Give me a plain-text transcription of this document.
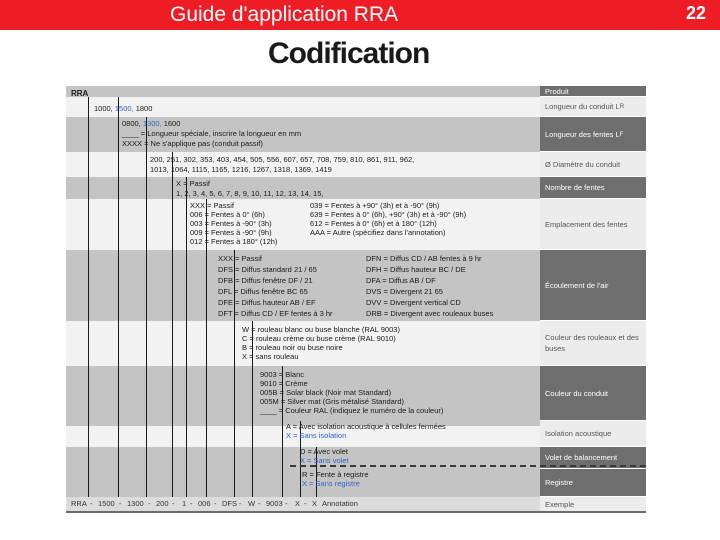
Guide d'application RRA	22
Codification
RRA
1000, 1500, 1800
0800, 1300, 1600
____ = Longueur spéciale, inscrire la longueur en mm
XXXX = Ne s'applique pas (conduit passif)
200, 251, 302, 353, 403, 454, 505, 556, 607, 657, 708, 759, 810, 861, 911, 962,
1013, 1064, 1115, 1165, 1216, 1267, 1318, 1369, 1419
X = Passif
1, 2, 3, 4, 5, 6, 7, 8, 9, 10, 11, 12, 13, 14, 15,
XXX = Passif
006 = Fentes à 0° (6h)
003 = Fentes à -90° (3h)
009 = Fentes à -90° (9h)
012 = Fentes à 180° (12h)
039 = Fentes à +90° (3h) et à -90° (9h)
639 = Fentes à 0° (6h), +90° (3h) et à -90° (9h)
612 = Fentes à 0° (6h) et à 180° (12h)
AAA = Autre (spécifiez dans l'annotation)
XXX = Passif
DFS = Diffus standard 21 / 65
DFB = Diffus fenêtre DF / 21
DFL = Diffus fenêtre BC 65
DFE = Diffus hauteur AB / EF
DFT = Diffus CD / EF fentes à 3 hr
DFN = Diffus CD / AB fentes à 9 hr
DFH = Diffus hauteur BC / DE
DFA = Diffus AB / DF
DVS = Divergent 21 65
DVV = Divergent vertical CD
DRB = Divergent avec rouleaux buses
W = rouleau blanc ou buse blanche (RAL 9003)
C = rouleau crème ou buse crème (RAL 9010)
B = rouleau noir ou buse noire
X = sans rouleau
9003 = Blanc
9010 = Crème
005B = Solar black (Noir mat Standard)
005M = Silver mat (Gris métalisé Standard)
____ = Couleur RAL (indiquez le numéro de la couleur)
A = Avec isolation acoustique à cellules fermées
X = Sans isolation
D = Avec volet
X = Sans volet
R = Fente à registre
X = Sans registre
RRA - 1500 - 1300 - 200 - 1 - 006 - DFS - W - 9003 - X - X Annotation
Produit
Longueur du conduit L R
Longueur des fentes L F
Ø Diamètre du conduit
Nombre de fentes
Emplacement des fentes
Écoulement de l'air
Couleur des rouleaux et des buses
Couleur du conduit
Isolation acoustique
Volet de balancement
Registre
Exemple
